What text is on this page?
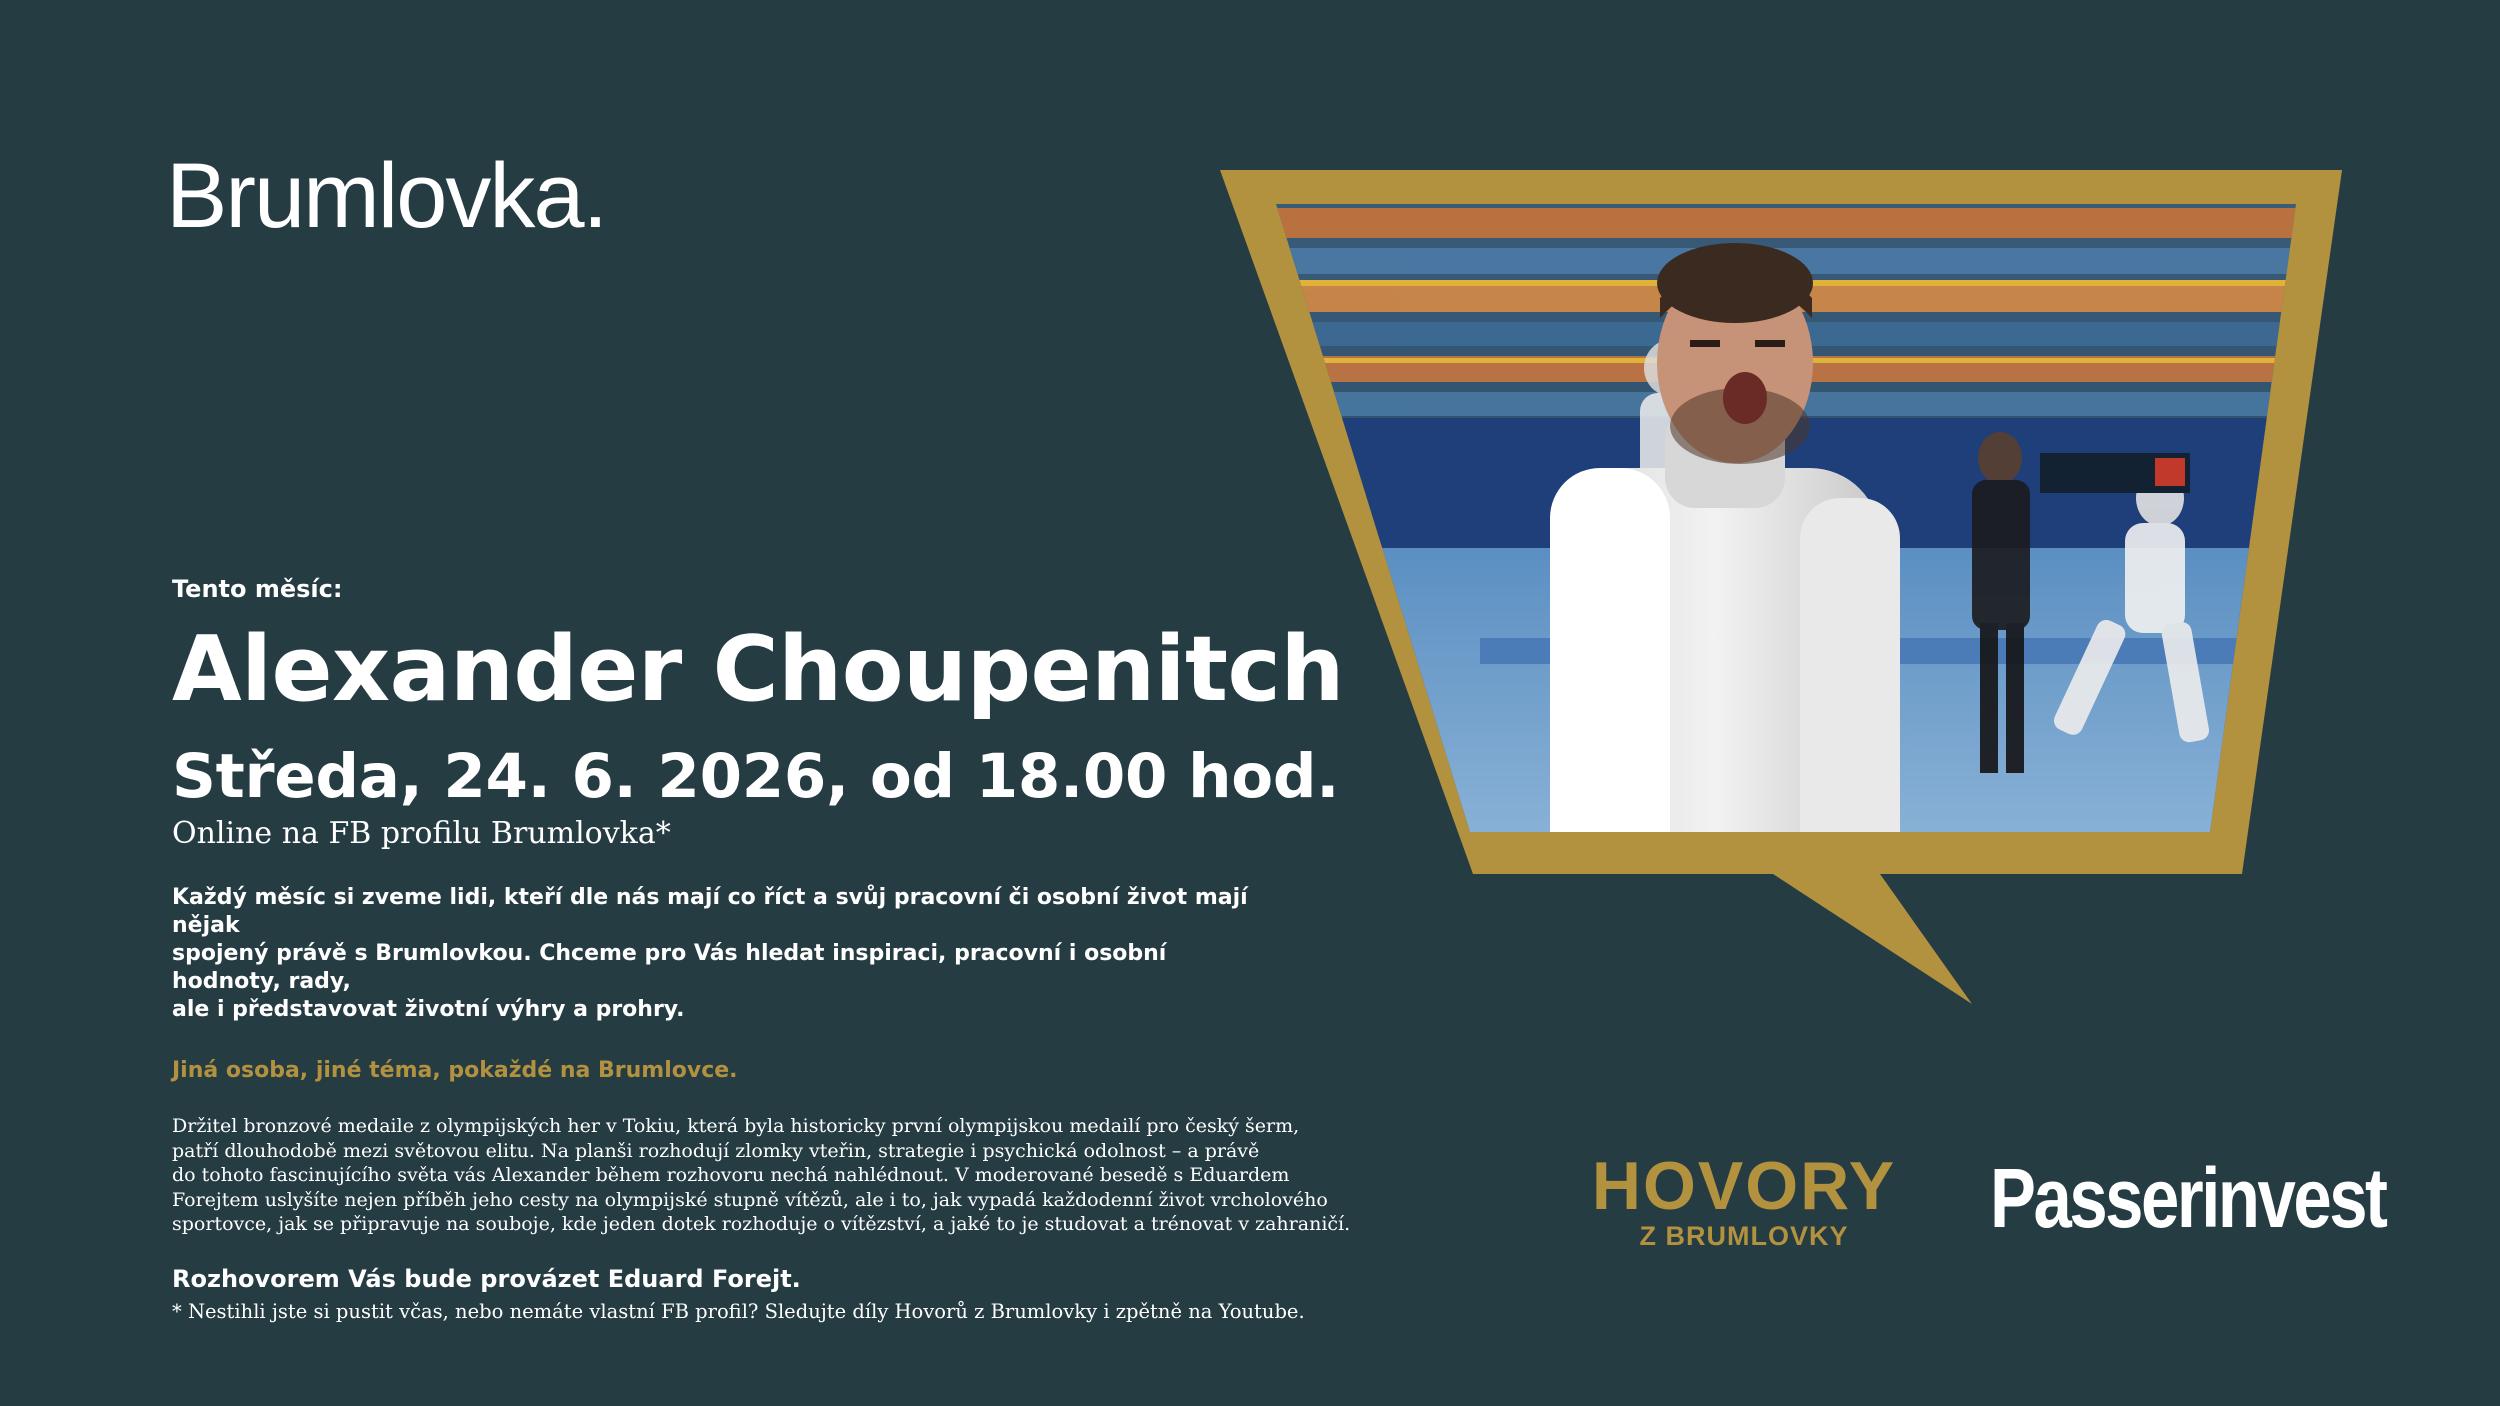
Brumlovka.

Tento měsíc:

Alexander Choupenitch
Středa, 24. 6. 2026, od 18.00 hod.

Online na FB profilu Brumlovka*

Každý měsíc si zveme lidi, kteří dle nás mají co říct a svůj pracovní či osobní život mají nějak
spojený právě s Brumlovkou. Chceme pro Vás hledat inspiraci, pracovní i osobní hodnoty, rady,
ale i představovat životní výhry a prohry.

Jiná osoba, jiné téma, pokaždé na Brumlovce.

Držitel bronzové medaile z olympijských her v Tokiu, která byla historicky první olympijskou medailí pro český šerm,
patří dlouhodobě mezi světovou elitu. Na planši rozhodují zlomky vteřin, strategie i psychická odolnost – a právě
do tohoto fascinujícího světa vás Alexander během rozhovoru nechá nahlédnout. V moderované besedě s Eduardem
Forejtem uslyšíte nejen příběh jeho cesty na olympijské stupně vítězů, ale i to, jak vypadá každodenní život vrcholového
sportovce, jak se připravuje na souboje, kde jeden dotek rozhoduje o vítězství, a jaké to je studovat a trénovat v zahraničí.

Rozhovorem Vás bude provázet Eduard Forejt.

* Nestihli jste si pustit včas, nebo nemáte vlastní FB profil? Sledujte díly Hovorů z Brumlovky i zpětně na Youtube.

HOVORY
Z BRUMLOVKY	Passerinvest
